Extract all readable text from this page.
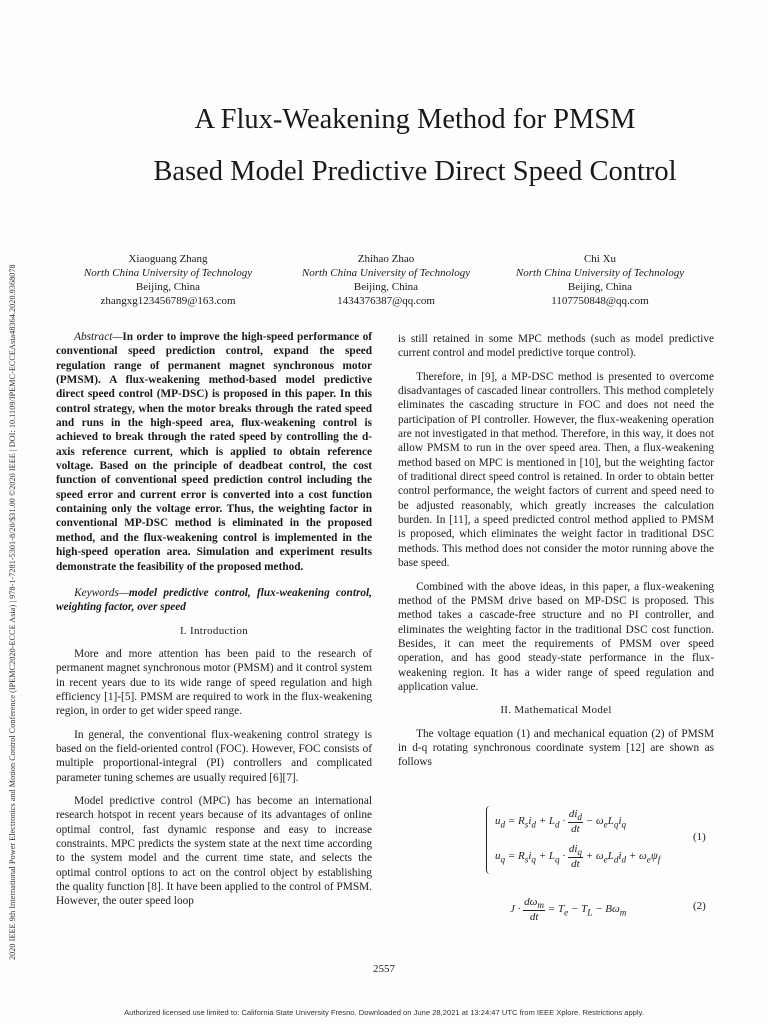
2020 IEEE 9th International Power Electronics and Motion Control Conference (IPEMC2020-ECCE Asia) | 978-1-7281-5301-8/20/$31.00 ©2020 IEEE | DOI: 10.1109/IPEMC-ECCEAsia48364.2020.9368078
A Flux-Weakening Method for PMSM
Based Model Predictive Direct Speed Control
Xiaoguang Zhang
North China University of Technology
Beijing, China
zhangxg123456789@163.com
Zhihao Zhao
North China University of Technology
Beijing, China
1434376387@qq.com
Chi Xu
North China University of Technology
Beijing, China
1107750848@qq.com

Abstract—In order to improve the high-speed performance of conventional speed prediction control, expand the speed regulation range of permanent magnet synchronous motor (PMSM). A flux-weakening method-based model predictive direct speed control (MP-DSC) is proposed in this paper. In this control strategy, when the motor breaks through the rated speed and runs in the high-speed area, flux-weakening control is achieved to break through the rated speed by controlling the d-axis reference current, which is applied to obtain reference voltage. Based on the principle of deadbeat control, the cost function of conventional speed prediction control including the speed error and current error is converted into a cost function containing only the voltage error. Thus, the weighting factor in conventional MP-DSC method is eliminated in the proposed method, and the flux-weakening control is implemented in the high-speed operation area. Simulation and experiment results demonstrate the feasibility of the proposed method.

Keywords—model predictive control, flux-weakening control, weighting factor, over speed

I. Introduction

More and more attention has been paid to the research of permanent magnet synchronous motor (PMSM) and it control system in recent years due to its wide range of speed regulation and high efficiency [1]-[5]. PMSM are required to work in the flux-weakening region, in order to get wider speed range.

In general, the conventional flux-weakening control strategy is based on the field-oriented control (FOC). However, FOC consists of multiple proportional-integral (PI) controllers and complicated parameter tuning schemes are usually required [6][7].

Model predictive control (MPC) has become an international research hotspot in recent years because of its advantages of online optimal control, fast dynamic response and easy to increase constraints. MPC predicts the system state at the next time according to the system model and the current time state, and selects the optimal control options to act on the control object by establishing the quality function [8]. It have been applied to the control of PMSM. However, the outer speed loop

is still retained in some MPC methods (such as model predictive current control and model predictive torque control).

Therefore, in [9], a MP-DSC method is presented to overcome disadvantages of cascaded linear controllers. This method completely eliminates the cascading structure in FOC and does not need the participation of PI controller. However, the flux-weakening operation are not investigated in that method. Therefore, in this way, it does not allow PMSM to run in the over speed area. Then, a flux-weakening method based on MPC is mentioned in [10], but the weighting factor of traditional direct speed control is retained. In order to obtain better control performance, the weight factors of current and speed need to be adjusted reasonably, which greatly increases the calculation burden. In [11], a speed predicted control method applied to PMSM is proposed, which eliminates the weight factor in traditional DSC methods. This method does not consider the motor running above the base speed.

Combined with the above ideas, in this paper, a flux-weakening method of the PMSM drive based on MP-DSC is proposed. This method takes a cascade-free structure and no PI controller, and eliminates the weighting factor in the traditional DSC cost function. Besides, it can meet the requirements of PMSM over speed operation, and has good steady-state performance in the flux-weakening region. It has a wider range of speed regulation and application value.

II. Mathematical Model

The voltage equation (1) and mechanical equation (2) of PMSM in d-q rotating synchronous coordinate system [12] are shown as follows

$u_d = R_si_d + L_d \cdot \frac{di_d}{dt} - \omega_eL_qi_q$
$u_q = R_si_q + L_q \cdot \frac{di_q}{dt} + \omega_eL_di_d + \omega_e\psi_f$
(1)
$J \cdot \frac{d\omega_m}{dt} = T_e - T_L - B\omega_m$
(2)
2557
Authorized licensed use limited to: California State University Fresno. Downloaded on June 28,2021 at 13:24:47 UTC from IEEE Xplore. Restrictions apply.
